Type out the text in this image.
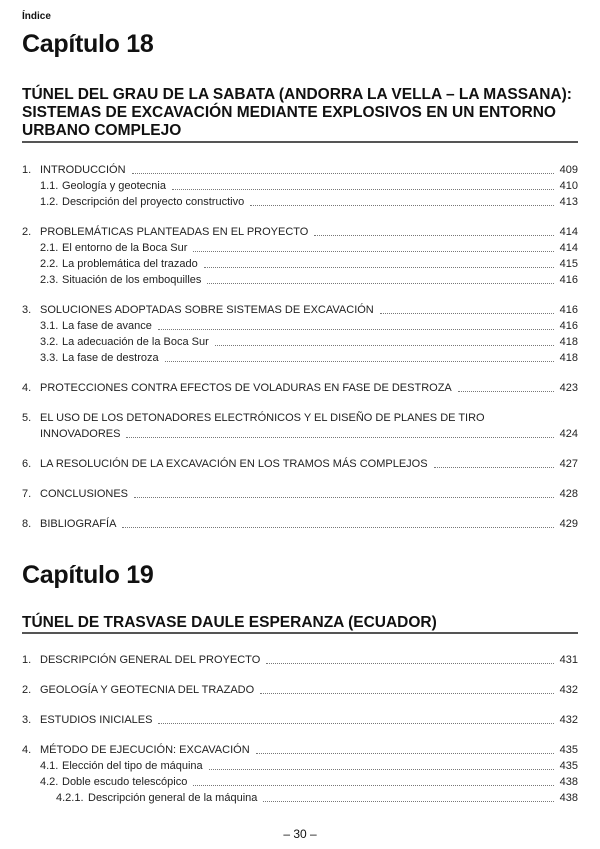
Índice
Capítulo 18
TÚNEL DEL GRAU DE LA SABATA (ANDORRA LA VELLA – LA MASSANA):
SISTEMAS DE EXCAVACIÓN MEDIANTE EXPLOSIVOS EN UN ENTORNO
URBANO COMPLEJO
1. INTRODUCCIÓN	409
1.1. Geología y geotecnia	410
1.2. Descripción del proyecto constructivo	413
2. PROBLEMÁTICAS PLANTEADAS EN EL PROYECTO	414
2.1. El entorno de la Boca Sur	414
2.2. La problemática del trazado	415
2.3. Situación de los emboquilles	416
3. SOLUCIONES ADOPTADAS SOBRE SISTEMAS DE EXCAVACIÓN	416
3.1. La fase de avance	416
3.2. La adecuación de la Boca Sur	418
3.3. La fase de destroza	418
4. PROTECCIONES CONTRA EFECTOS DE VOLADURAS EN FASE DE DESTROZA	423
5. EL USO DE LOS DETONADORES ELECTRÓNICOS Y EL DISEÑO DE PLANES DE TIRO
INNOVADORES	424
6. LA RESOLUCIÓN DE LA EXCAVACIÓN EN LOS TRAMOS MÁS COMPLEJOS	427
7. CONCLUSIONES	428
8. BIBLIOGRAFÍA	429
Capítulo 19
TÚNEL DE TRASVASE DAULE ESPERANZA (ECUADOR)
1. DESCRIPCIÓN GENERAL DEL PROYECTO	431
2. GEOLOGÍA Y GEOTECNIA DEL TRAZADO	432
3. ESTUDIOS INICIALES	432
4. MÉTODO DE EJECUCIÓN: EXCAVACIÓN	435
4.1. Elección del tipo de máquina	435
4.2. Doble escudo telescópico	438
4.2.1. Descripción general de la máquina	438
– 30 –
